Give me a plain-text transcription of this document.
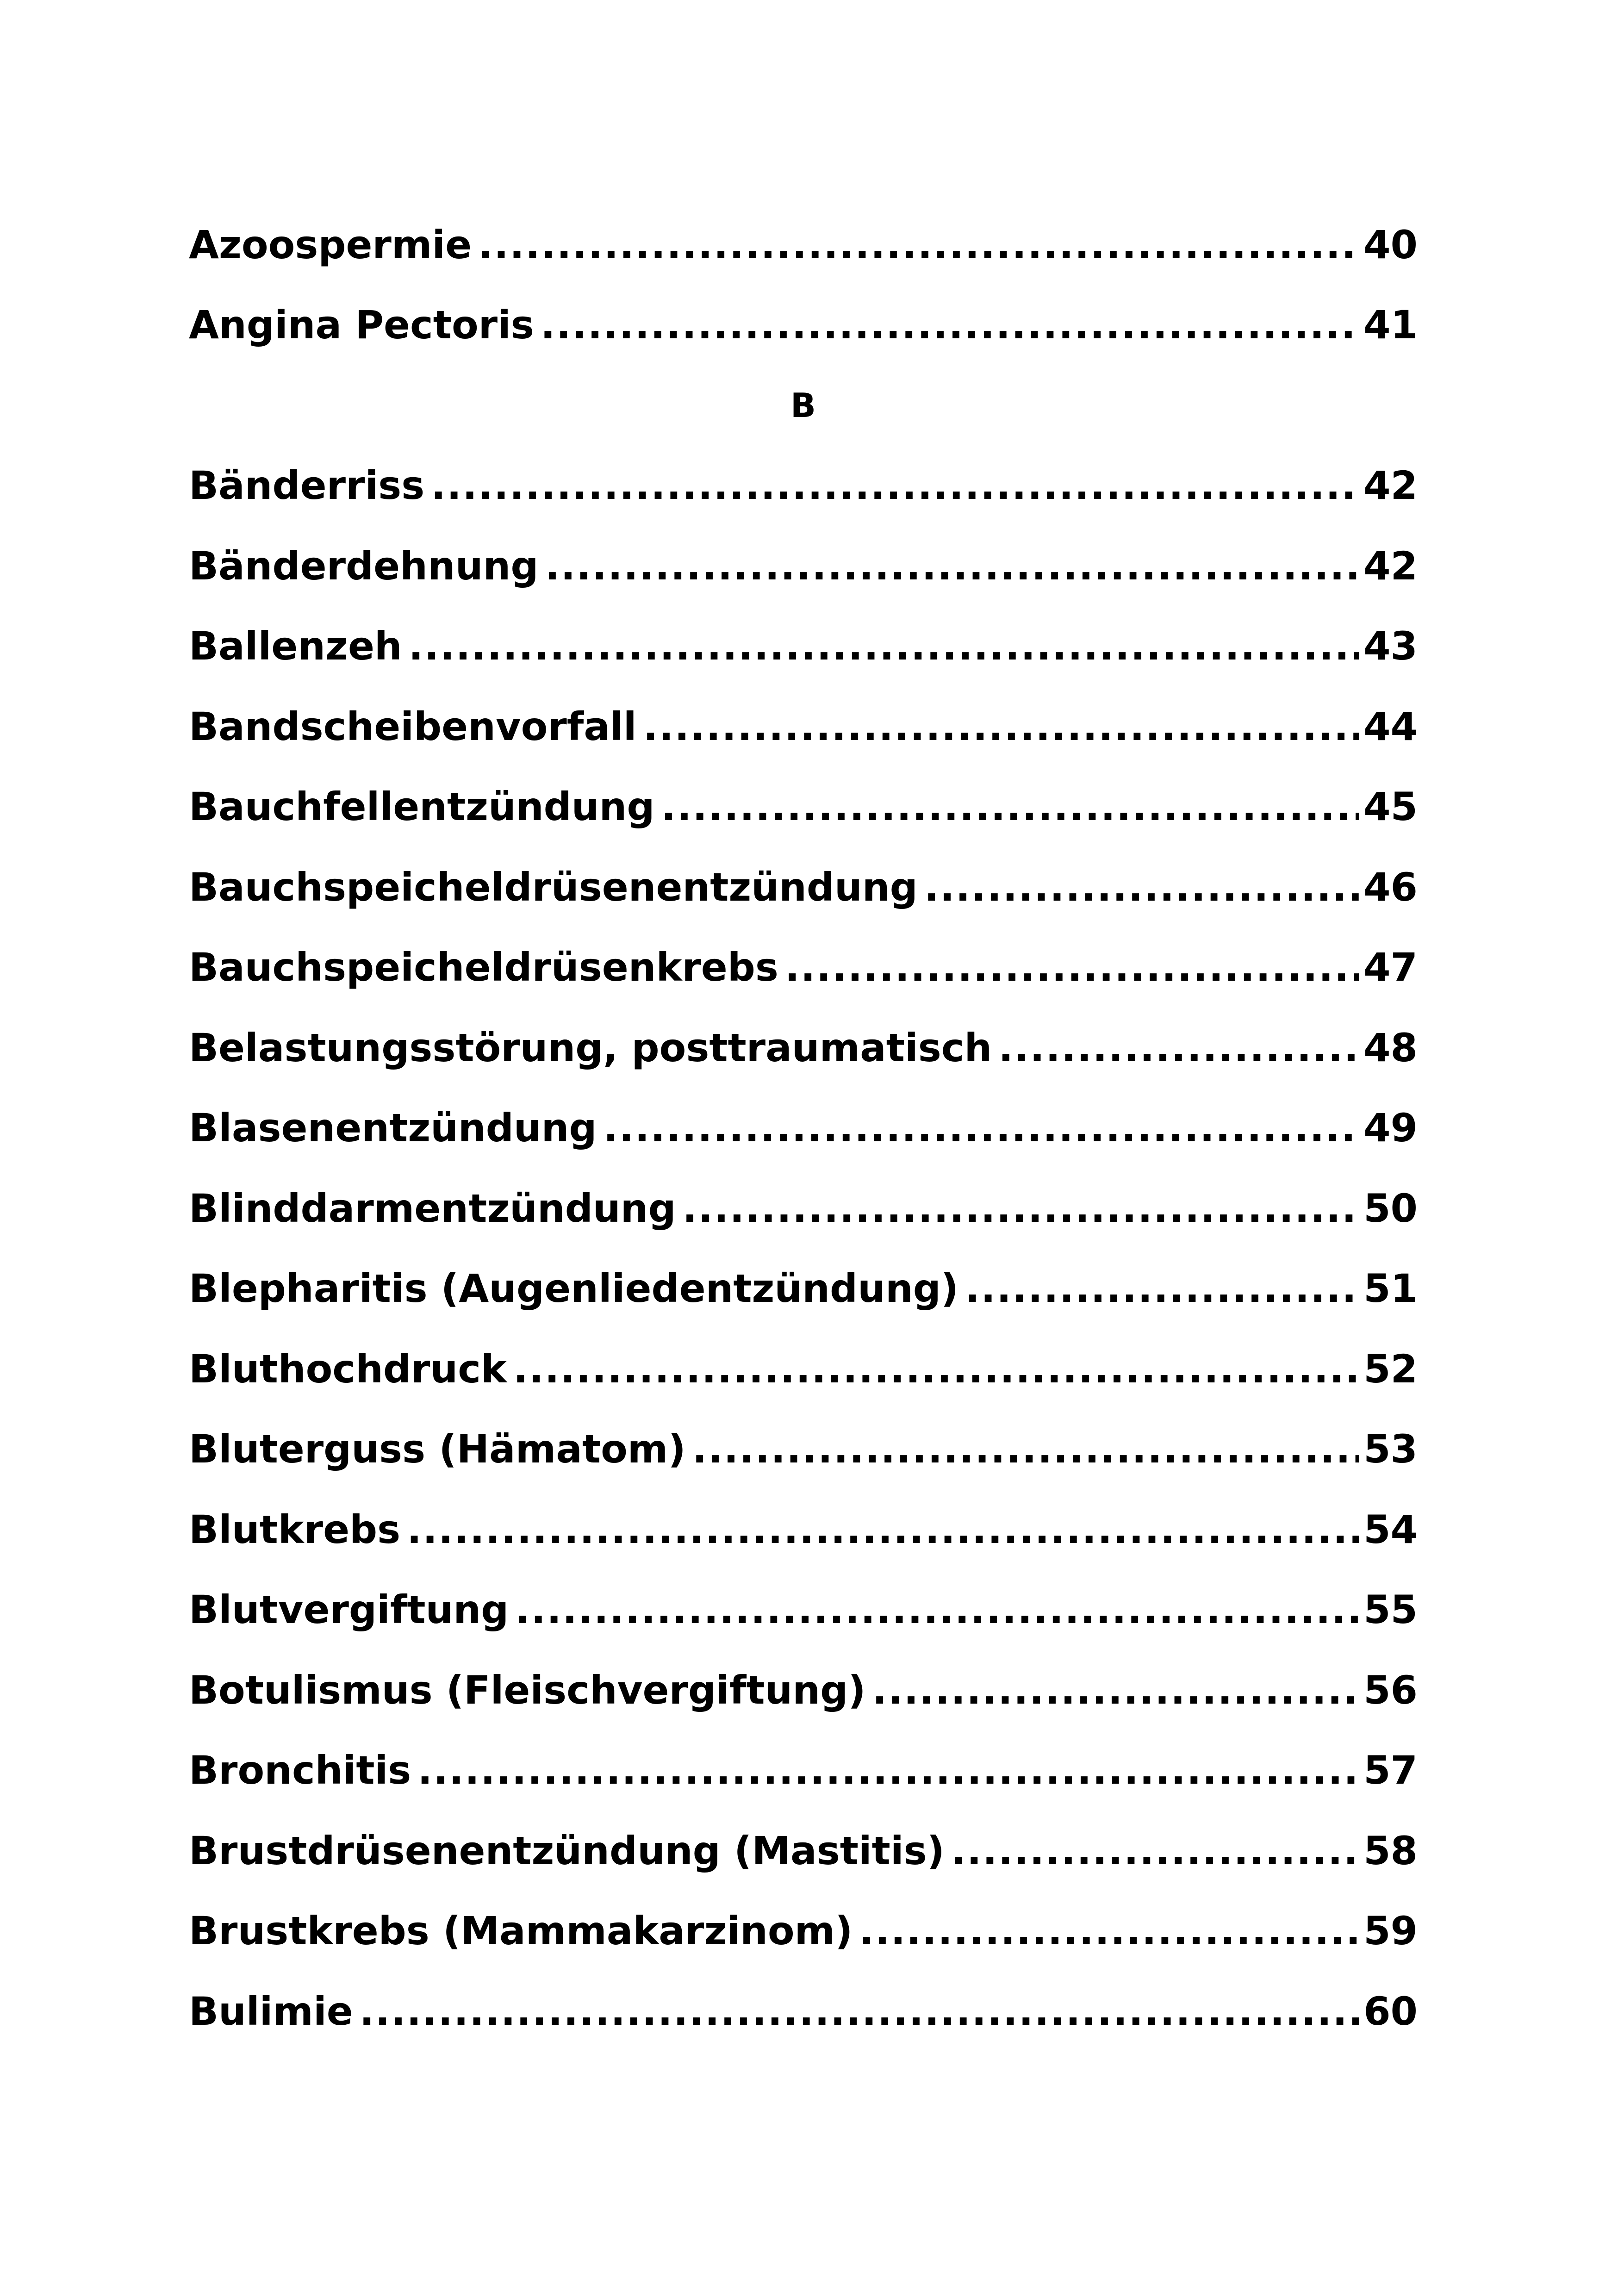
Azoospermie .....	40
Angina Pectoris .....	41
B
Bänderriss .....	42
Bänderdehnung .....	42
Ballenzeh .....	43
Bandscheibenvorfall .....	44
Bauchfellentzündung .....	45
Bauchspeicheldrüsenentzündung .....	46
Bauchspeicheldrüsenkrebs .....	47
Belastungsstörung, posttraumatisch .....	48
Blasenentzündung .....	49
Blinddarmentzündung .....	50
Blepharitis (Augenliedentzündung) .....	51
Bluthochdruck .....	52
Bluterguss (Hämatom) .....	53
Blutkrebs .....	54
Blutvergiftung .....	55
Botulismus (Fleischvergiftung) .....	56
Bronchitis .....	57
Brustdrüsenentzündung (Mastitis) .....	58
Brustkrebs (Mammakarzinom) .....	59
Bulimie .....	60
